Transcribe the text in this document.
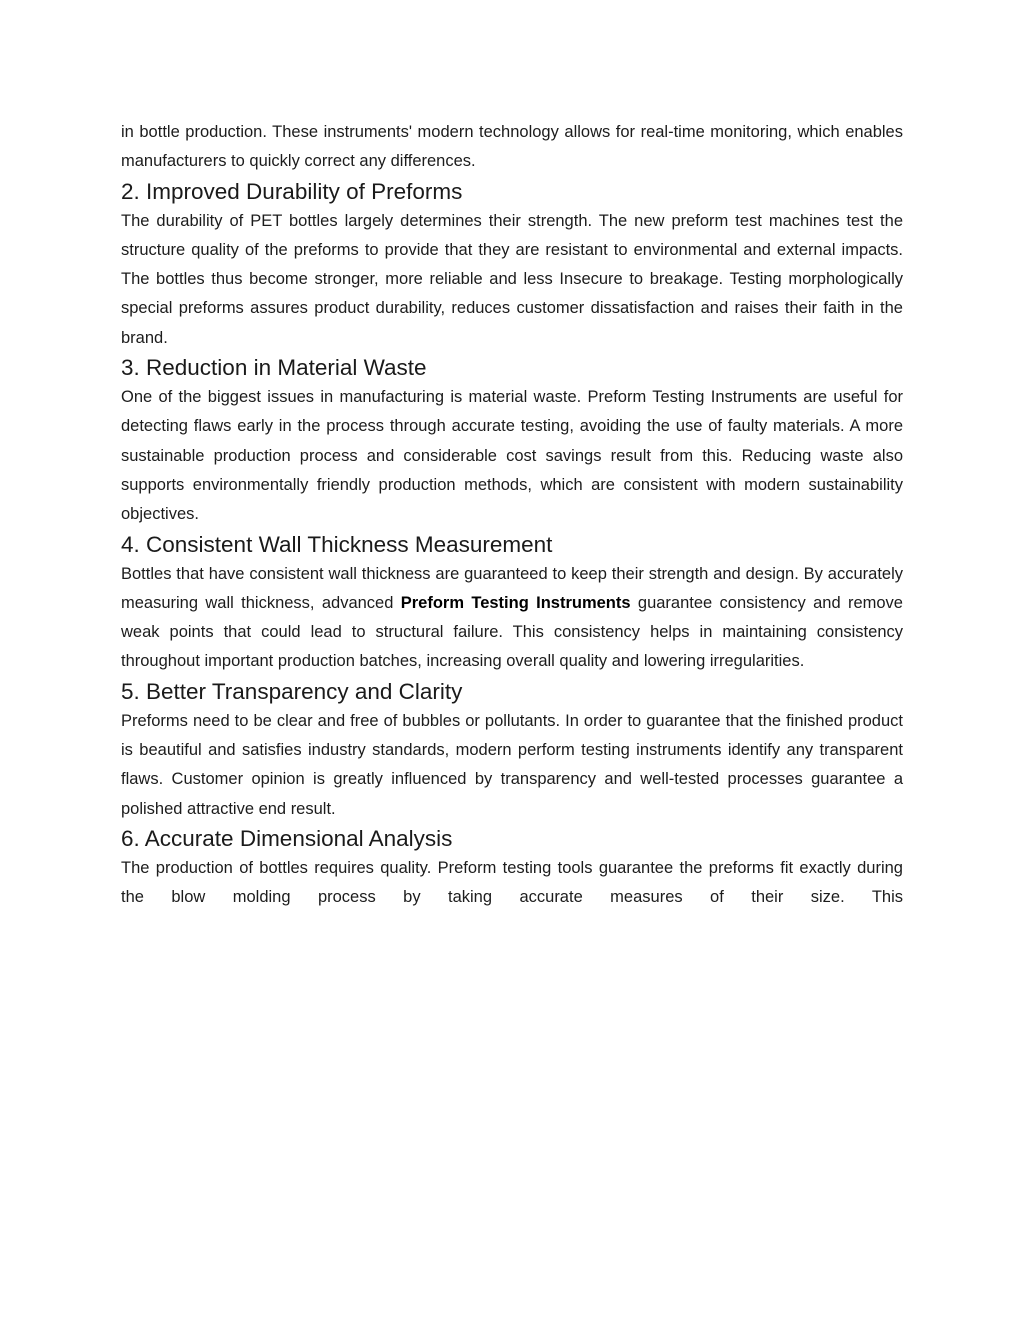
in bottle production. These instruments' modern technology allows for real-time monitoring, which enables manufacturers to quickly correct any differences.

2. Improved Durability of Preforms

The durability of PET bottles largely determines their strength. The new preform test machines test the structure quality of the preforms to provide that they are resistant to environmental and external impacts. The bottles thus become stronger, more reliable and less Insecure to breakage. Testing morphologically special preforms assures product durability, reduces customer dissatisfaction and raises their faith in the brand.

3. Reduction in Material Waste

One of the biggest issues in manufacturing is material waste. Preform Testing Instruments are useful for detecting flaws early in the process through accurate testing, avoiding the use of faulty materials. A more sustainable production process and considerable cost savings result from this. Reducing waste also supports environmentally friendly production methods, which are consistent with modern sustainability objectives.

4. Consistent Wall Thickness Measurement

Bottles that have consistent wall thickness are guaranteed to keep their strength and design. By accurately measuring wall thickness, advanced Preform Testing Instruments guarantee consistency and remove weak points that could lead to structural failure. This consistency helps in maintaining consistency throughout important production batches, increasing overall quality and lowering irregularities.

5. Better Transparency and Clarity

Preforms need to be clear and free of bubbles or pollutants. In order to guarantee that the finished product is beautiful and satisfies industry standards, modern perform testing instruments identify any transparent flaws. Customer opinion is greatly influenced by transparency and well-tested processes guarantee a polished attractive end result.

6. Accurate Dimensional Analysis

The production of bottles requires quality. Preform testing tools guarantee the preforms fit exactly during the blow molding process by taking accurate measures of their size. This
